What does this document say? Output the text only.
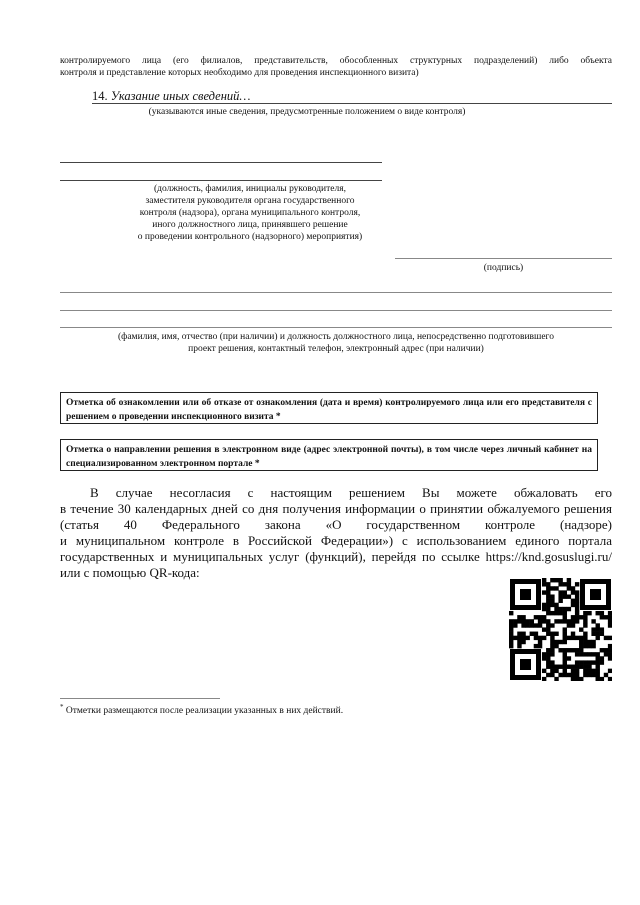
контролируемого лица (его филиалов, представительств, обособленных структурных подразделений) либо объекта
контроля и представление которых необходимо для проведения инспекционного визита)
14. Указание иных сведений…
(указываются иные сведения, предусмотренные положением о виде контроля)
(должность, фамилия, инициалы руководителя,
заместителя руководителя органа государственного
контроля (надзора), органа муниципального контроля,
иного должностного лица, принявшего решение
о проведении контрольного (надзорного) мероприятия)
(подпись)
(фамилия, имя, отчество (при наличии) и должность должностного лица, непосредственно подготовившего
проект решения, контактный телефон, электронный адрес (при наличии)
Отметка об ознакомлении или об отказе от ознакомления (дата и время) контролируемого лица или его представителя с решением о проведении инспекционного визита *
Отметка о направлении решения в электронном виде (адрес электронной почты), в том числе через личный кабинет на специализированном электронном портале *
В случае несогласия с настоящим решением Вы можете обжаловать его
в течение 30 календарных дней со дня получения информации о принятии обжалуемого решения
(статья 40 Федерального закона «О государственном контроле (надзоре)
и муниципальном контроле в Российской Федерации») с использованием единого портала
государственных и муниципальных услуг (функций), перейдя по ссылке https://knd.gosuslugi.ru/
или с помощью QR-кода:
* Отметки размещаются после реализации указанных в них действий.
